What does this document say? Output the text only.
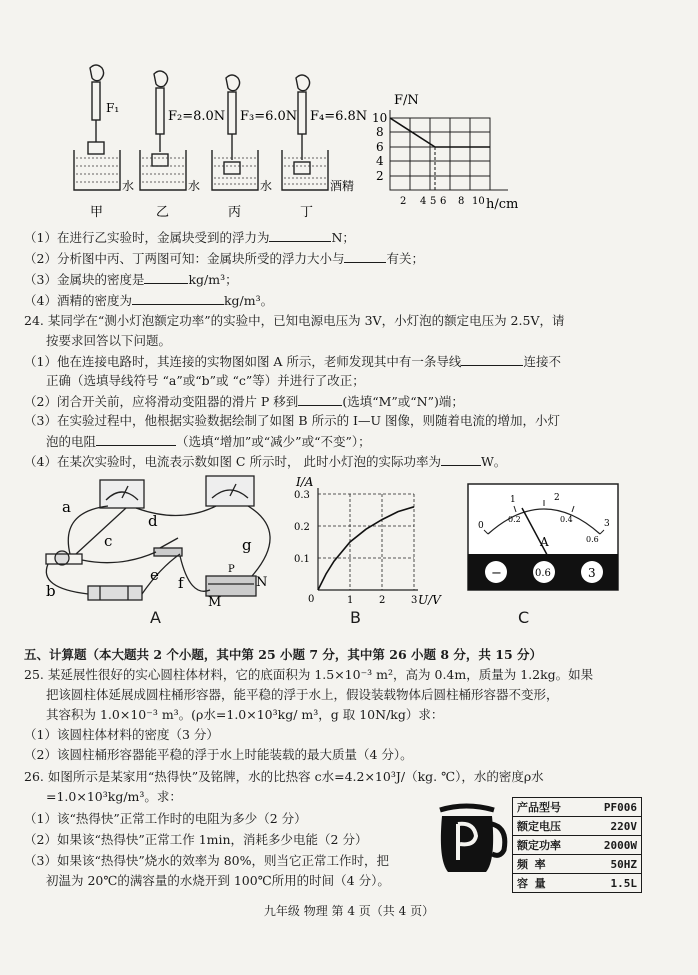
F₁
F₂=8.0N F₃=6.0N F₄=6.8N
水	水	水	酒精
甲	乙	丙	丁
F/N
h/cm
10
8
6
4
2
2 4 5 6 8 10
（1）在进行乙实验时，金属块受到的浮力为	N；
（2）分析图中丙、丁两图可知：金属块所受的浮力大小与	有关；
（3）金属块的密度是	kg/m³；
（4）酒精的密度为	kg/m³。
24. 某同学在“测小灯泡额定功率”的实验中，已知电源电压为 3V，小灯泡的额定电压为 2.5V，请
按要求回答以下问题。
（1）他在连接电路时，其连接的实物图如图 A 所示，老师发现其中有一条导线	连接不
正确（选填导线符号 “a”或“b”或 “c”等）并进行了改正；
（2）闭合开关前，应将滑动变阻器的滑片 P 移到	(选填“M”或“N”)端；
（3）在实验过程中，他根据实验数据绘制了如图 B 所示的 I—U 图像，则随着电流的增加，小灯
泡的电阻	（选填“增加”或“减少”或“不变”）；
（4）在某次实验时，电流表示数如图 C 所示时， 此时小灯泡的实际功率为	W。
a
c
d
b
e f
g
P
M
N
A
I/A
U/V
0	1	2	3
0.1
0.2
0.3
B
0
1	2
3
0.2	0.4
0.6
A
−	0.6	3
C
五、计算题（本大题共 2 个小题，其中第 25 小题 7 分，其中第 26 小题 8 分，共 15 分）
25. 某延展性很好的实心圆柱体材料，它的底面积为 1.5×10⁻³ m²，高为 0.4m，质量为 1.2kg。如果
把该圆柱体延展成圆柱桶形容器，能平稳的浮于水上，假设装载物体后圆柱桶形容器不变形，
其容积为 1.0×10⁻³ m³。(ρ水=1.0×10³kg/ m³，g 取 10N/kg）求：
（1）该圆柱体材料的密度（3 分）
（2）该圆柱桶形容器能平稳的浮于水上时能装载的最大质量（4 分）。
26. 如图所示是某家用“热得快”及铭牌，水的比热容 c水=4.2×10³J/（kg. ℃），水的密度ρ水
=1.0×10³kg/m³。求：
（1）该“热得快”正常工作时的电阻为多少（2 分）
（2）如果该“热得快”正常工作 1min，消耗多少电能（2 分）
（3）如果该“热得快”烧水的效率为 80%，则当它正常工作时，把
初温为 20℃的满容量的水烧开到 100℃所用的时间（4 分）。
产品型号	PF006
额定电压	220V
额定功率	2000W
频 率	50HZ
容 量	1.5L
九年级 物理 第 4 页（共 4 页）
